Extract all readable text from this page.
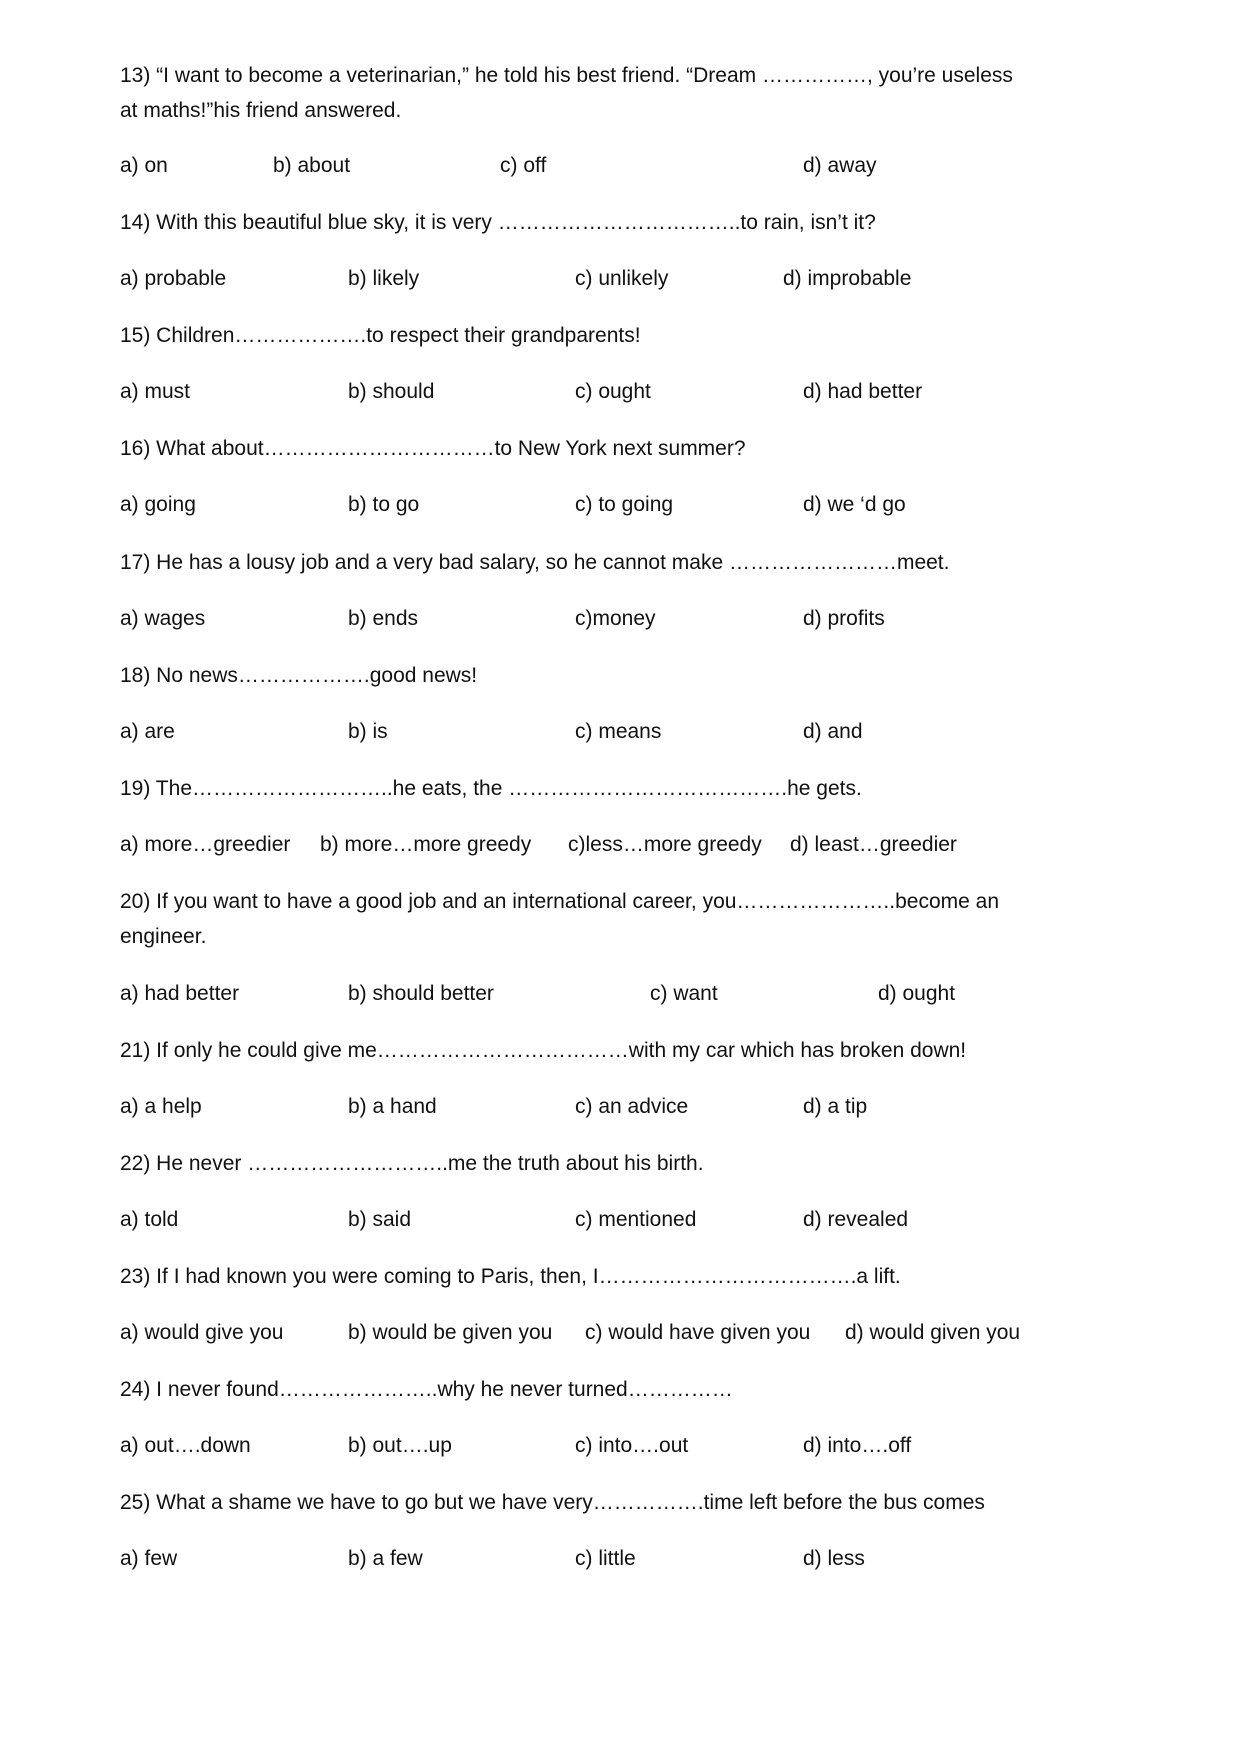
13) “I want to become a veterinarian,” he told his best friend. “Dream ……………, you’re useless
at maths!”his friend answered.
a) on	b) about	c) off	d) away
14) With this beautiful blue sky, it is very ……………………………..to rain, isn’t it?
a) probable	b) likely	c) unlikely	d) improbable
15) Children……………….to respect their grandparents!
a) must	b) should	c) ought	d) had better
16) What about……………………………to New York next summer?
a) going	b) to go	c) to going	d) we ‘d go
17) He has a lousy job and a very bad salary, so he cannot make ……………………meet.
a) wages	b) ends	c)money	d) profits
18) No news……………….good news!
a) are	b) is	c) means	d) and
19) The………………………..he eats, the ………………………………….he gets.
a) more…greedier b) more…more greedy c)less…more greedy d) least…greedier
20) If you want to have a good job and an international career, you…………………..become an
engineer.
a) had better	b) should better	c) want	d) ought
21) If only he could give me………………………………with my car which has broken down!
a) a help	b) a hand	c) an advice	d) a tip
22) He never ………………………..me the truth about his birth.
a) told	b) said	c) mentioned	d) revealed
23) If I had known you were coming to Paris, then, I……………………………….a lift.
a) would give you	b) would be given you c) would have given you d) would given you
24) I never found…………………..why he never turned……………
a) out….down	b) out….up	c) into….out	d) into….off
25) What a shame we have to go but we have very…………….time left before the bus comes
a) few	b) a few	c) little	d) less
